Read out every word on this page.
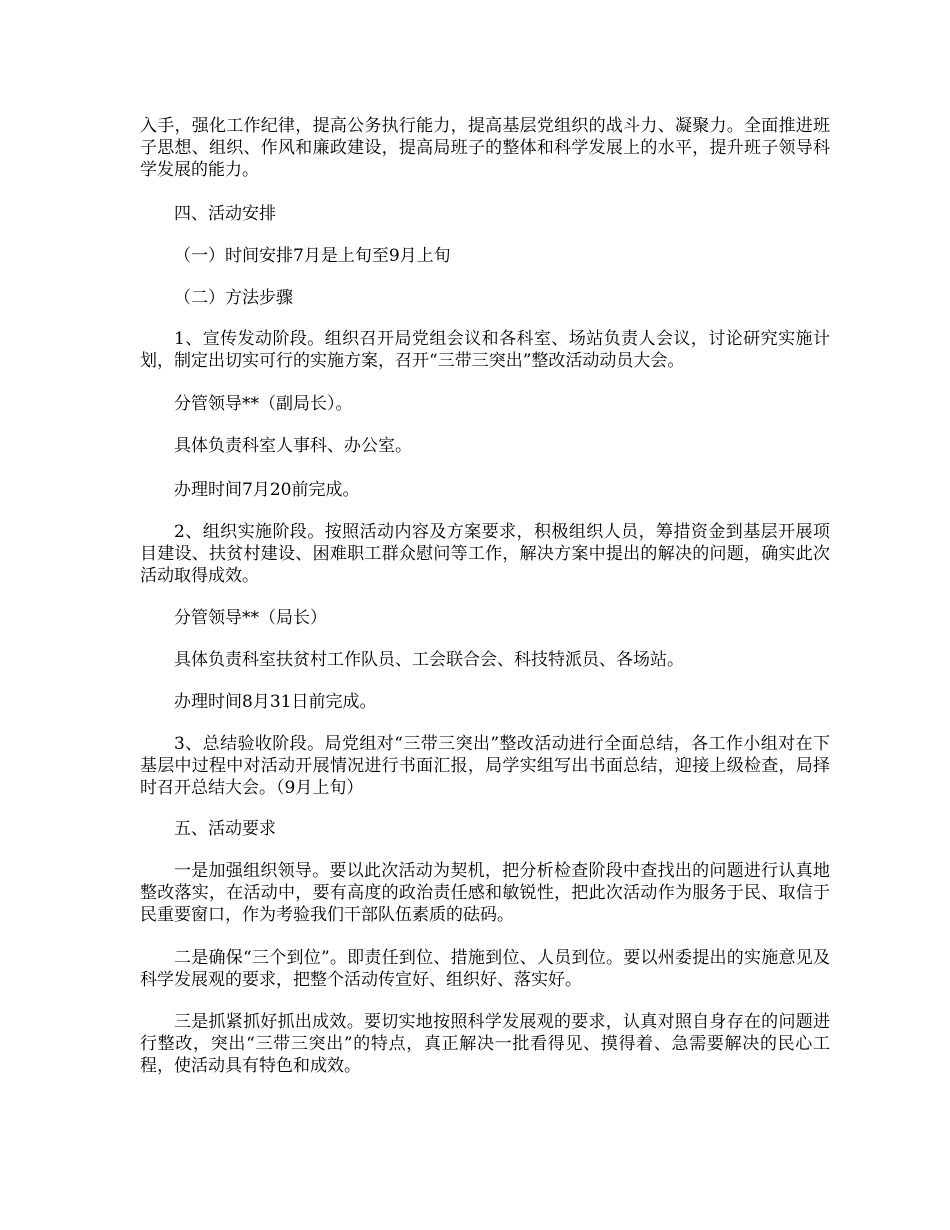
入手，强化工作纪律，提高公务执行能力，提高基层党组织的战斗力、凝聚力。全面推进班子思想、组织、作风和廉政建设，提高局班子的整体和科学发展上的水平，提升班子领导科学发展的能力。

四、活动安排

（一）时间安排7月是上旬至9月上旬

（二）方法步骤

1、宣传发动阶段。组织召开局党组会议和各科室、场站负责人会议，讨论研究实施计划，制定出切实可行的实施方案，召开“三带三突出”整改活动动员大会。

分管领导**（副局长）。

具体负责科室人事科、办公室。

办理时间7月20前完成。

2、组织实施阶段。按照活动内容及方案要求，积极组织人员，筹措资金到基层开展项目建设、扶贫村建设、困难职工群众慰问等工作，解决方案中提出的解决的问题，确实此次活动取得成效。

分管领导**（局长）

具体负责科室扶贫村工作队员、工会联合会、科技特派员、各场站。

办理时间8月31日前完成。

3、总结验收阶段。局党组对“三带三突出”整改活动进行全面总结，各工作小组对在下基层中过程中对活动开展情况进行书面汇报，局学实组写出书面总结，迎接上级检查，局择时召开总结大会。（9月上旬）

五、活动要求

一是加强组织领导。要以此次活动为契机，把分析检查阶段中查找出的问题进行认真地整改落实，在活动中，要有高度的政治责任感和敏锐性，把此次活动作为服务于民、取信于民重要窗口，作为考验我们干部队伍素质的砝码。

二是确保“三个到位”。即责任到位、措施到位、人员到位。要以州委提出的实施意见及科学发展观的要求，把整个活动传宣好、组织好、落实好。

三是抓紧抓好抓出成效。要切实地按照科学发展观的要求，认真对照自身存在的问题进行整改，突出“三带三突出”的特点，真正解决一批看得见、摸得着、急需要解决的民心工程，使活动具有特色和成效。
